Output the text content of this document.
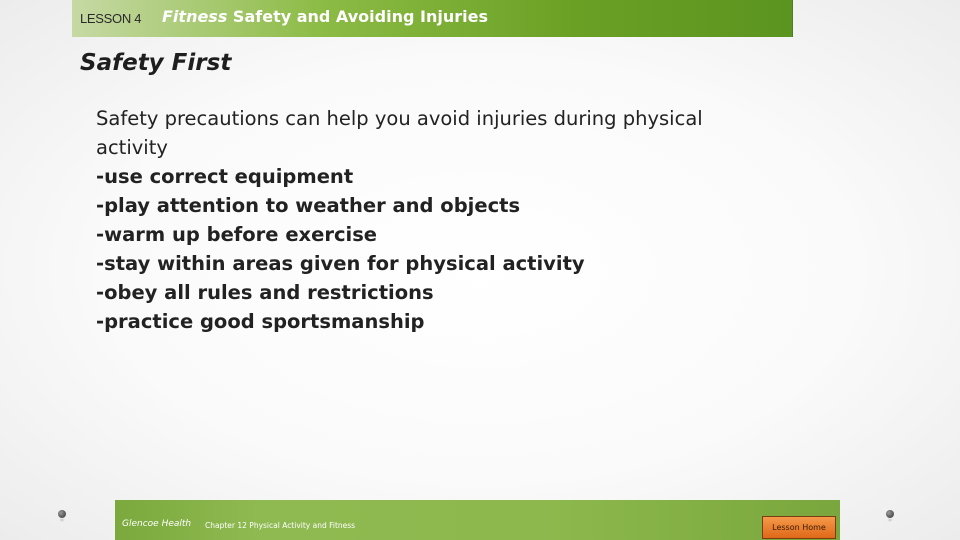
LESSON 4 Fitness Safety and Avoiding Injuries
Safety First
Safety precautions can help you avoid injuries during physical
activity
-use correct equipment
-play attention to weather and objects
-warm up before exercise
-stay within areas given for physical activity
-obey all rules and restrictions
-practice good sportsmanship
Glencoe Health Chapter 12 Physical Activity and Fitness	Lesson Home
